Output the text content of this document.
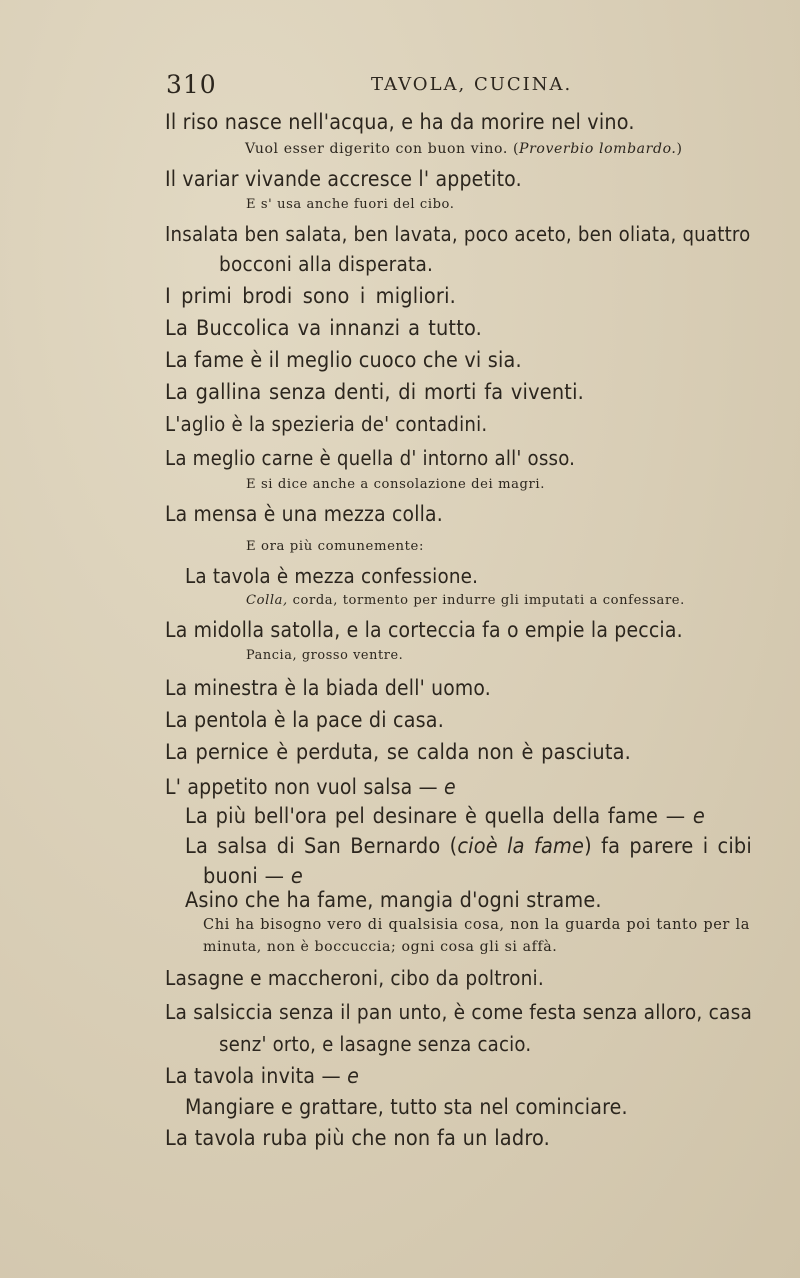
310	TAVOLA, CUCINA.
Il riso nasce nell'acqua, e ha da morire nel vino.
Vuol esser digerito con buon vino. (Proverbio lombardo.)
Il variar vivande accresce l' appetito.
E s' usa anche fuori del cibo.
Insalata ben salata, ben lavata, poco aceto, ben oliata, quattro
bocconi alla disperata.
I primi brodi sono i migliori.
La Buccolica va innanzi a tutto.
La fame è il meglio cuoco che vi sia.
La gallina senza denti, di morti fa viventi.
L'aglio è la spezieria de' contadini.
La meglio carne è quella d' intorno all' osso.
E si dice anche a consolazione dei magri.
La mensa è una mezza colla.
E ora più comunemente:
La tavola è mezza confessione.
Colla, corda, tormento per indurre gli imputati a confessare.
La midolla satolla, e la corteccia fa o empie la peccia.
Pancia, grosso ventre.
La minestra è la biada dell' uomo.
La pentola è la pace di casa.
La pernice è perduta, se calda non è pasciuta.
L' appetito non vuol salsa — e
La più bell'ora pel desinare è quella della fame — e
La salsa di San Bernardo (cioè la fame) fa parere i cibi
buoni — e
Asino che ha fame, mangia d'ogni strame.
Chi ha bisogno vero di qualsisia cosa, non la guarda poi tanto per la
minuta, non è boccuccia; ogni cosa gli si affà.
Lasagne e maccheroni, cibo da poltroni.
La salsiccia senza il pan unto, è come festa senza alloro, casa
senz' orto, e lasagne senza cacio.
La tavola invita — e
Mangiare e grattare, tutto sta nel cominciare.
La tavola ruba più che non fa un ladro.
